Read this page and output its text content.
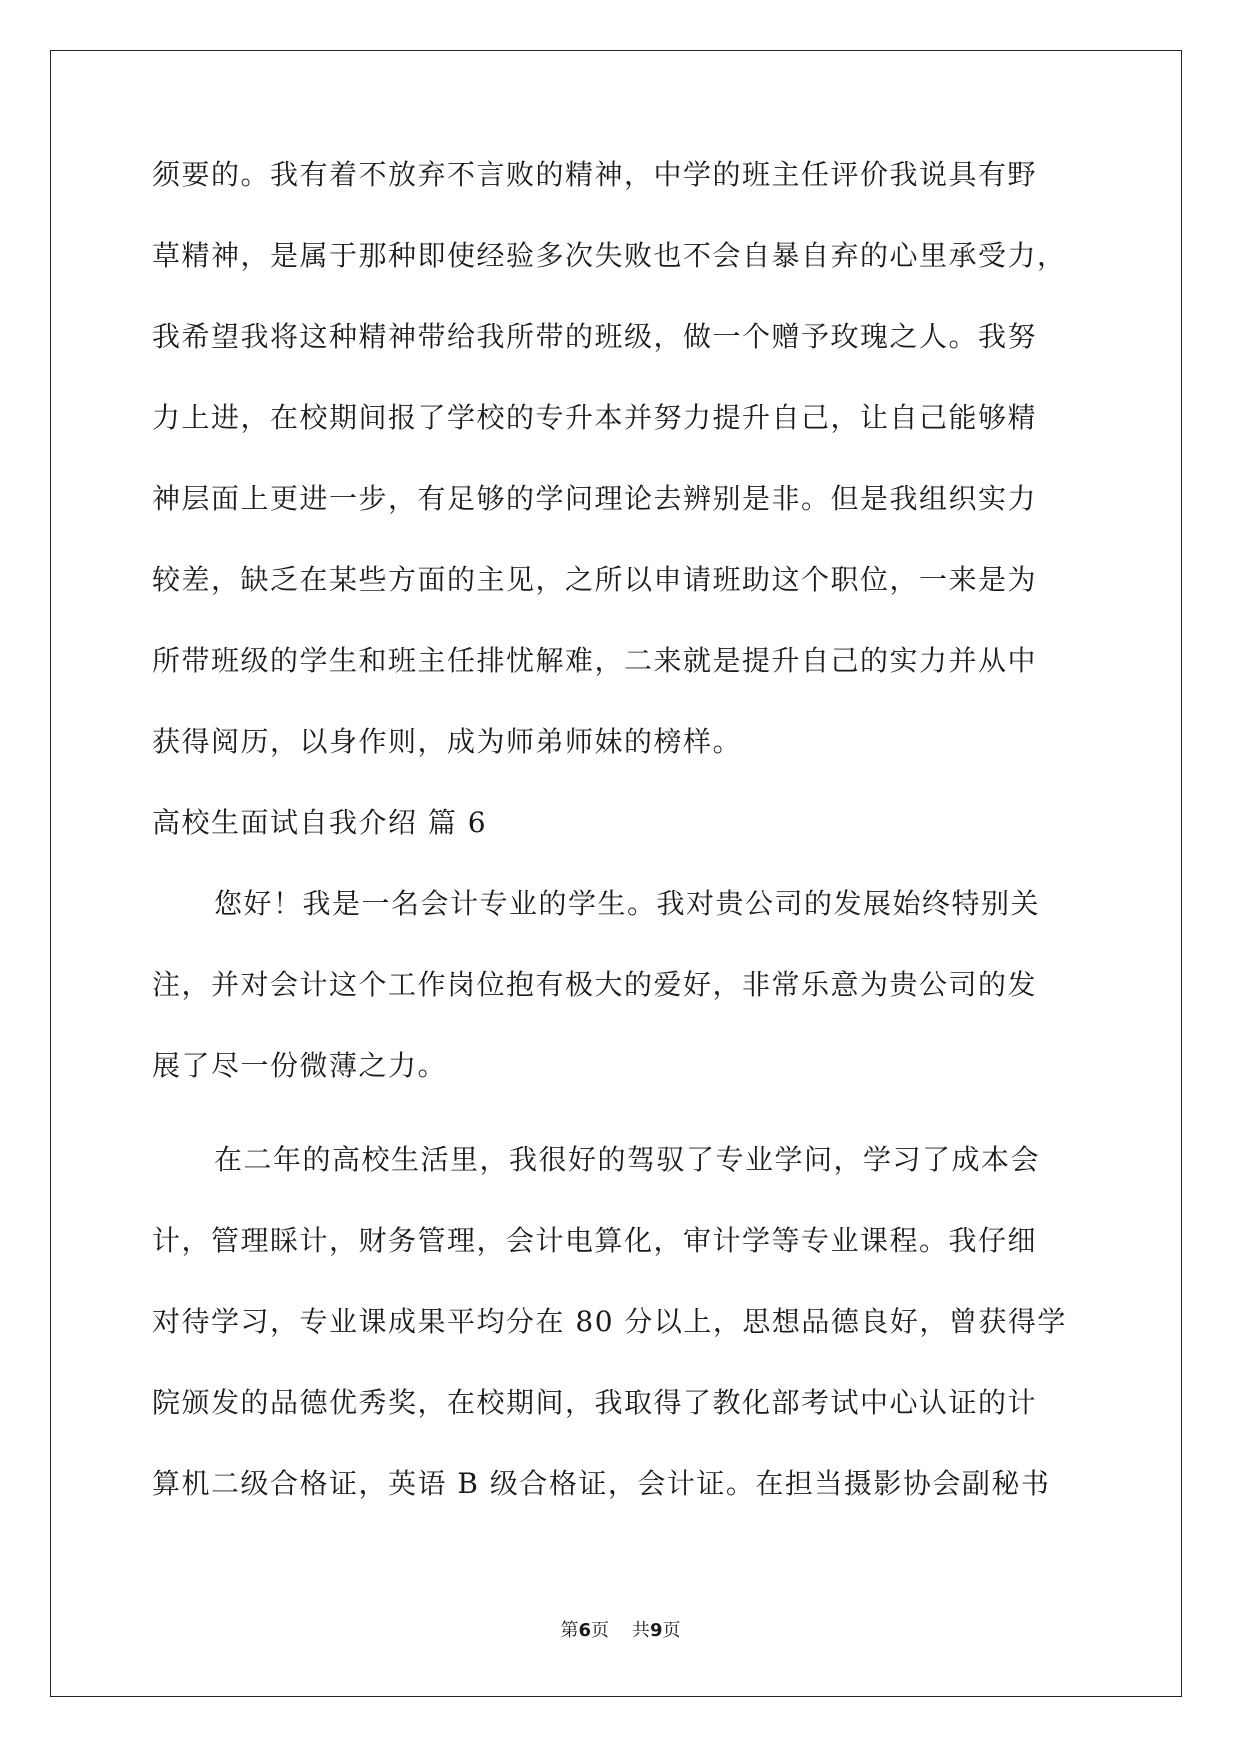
须要的。我有着不放弃不言败的精神，中学的班主任评价我说具有野
草精神，是属于那种即使经验多次失败也不会自暴自弃的心里承受力，
我希望我将这种精神带给我所带的班级，做一个赠予玫瑰之人。我努
力上进，在校期间报了学校的专升本并努力提升自己，让自己能够精
神层面上更进一步，有足够的学问理论去辨别是非。但是我组织实力
较差，缺乏在某些方面的主见，之所以申请班助这个职位，一来是为
所带班级的学生和班主任排忧解难，二来就是提升自己的实力并从中
获得阅历，以身作则，成为师弟师妹的榜样。
高校生面试自我介绍 篇 6
您好！我是一名会计专业的学生。我对贵公司的发展始终特别关
注，并对会计这个工作岗位抱有极大的爱好，非常乐意为贵公司的发
展了尽一份微薄之力。
在二年的高校生活里，我很好的驾驭了专业学问，学习了成本会
计，管理睬计，财务管理，会计电算化，审计学等专业课程。我仔细
对待学习，专业课成果平均分在 80 分以上，思想品德良好，曾获得学
院颁发的品德优秀奖，在校期间，我取得了教化部考试中心认证的计
算机二级合格证，英语 B 级合格证，会计证。在担当摄影协会副秘书
第6页    共9页
